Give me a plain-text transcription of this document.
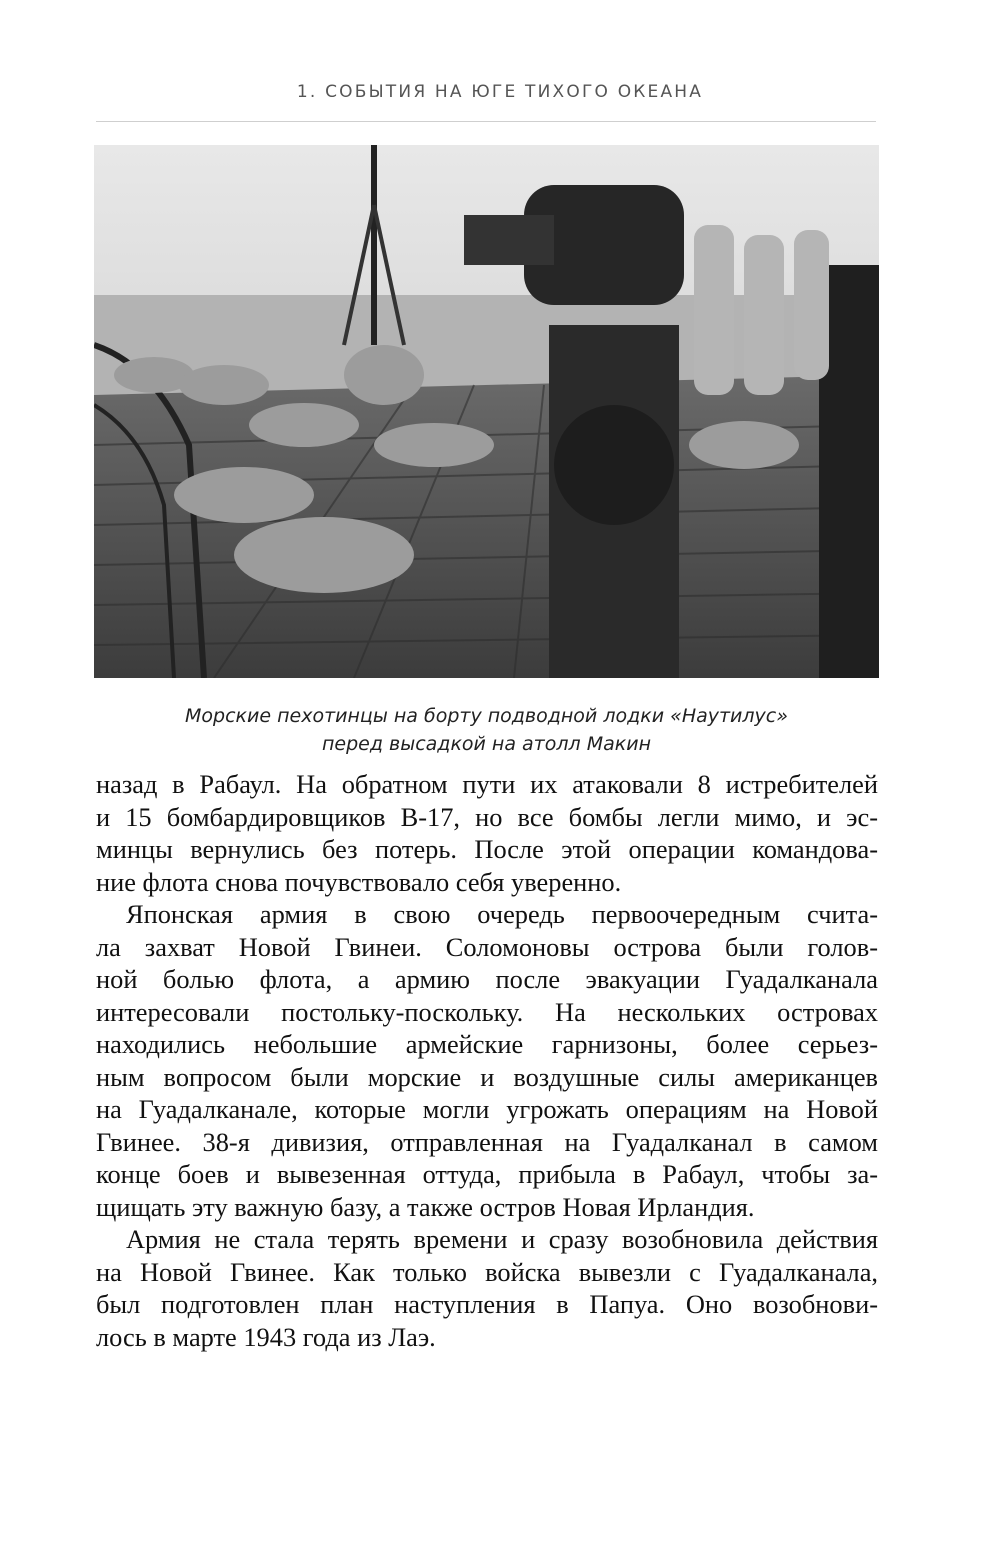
1. СОБЫТИЯ НА ЮГЕ ТИХОГО ОКЕАНА
Морские пехотинцы на борту подводной лодки «Наутилус»
перед высадкой на атолл Макин
назад в Рабаул. На обратном пути их атаковали 8 истребителей
и 15 бомбардировщиков В-17, но все бомбы легли мимо, и эс-
минцы вернулись без потерь. После этой операции командова-
ние флота снова почувствовало себя уверенно.
Японская армия в свою очередь первоочередным счита-
ла захват Новой Гвинеи. Соломоновы острова были голов-
ной болью флота, а армию после эвакуации Гуадалканала
интересовали постольку-поскольку. На нескольких островах
находились небольшие армейские гарнизоны, более серьез-
ным вопросом были морские и воздушные силы американцев
на Гуадалканале, которые могли угрожать операциям на Новой
Гвинее. 38-я дивизия, отправленная на Гуадалканал в самом
конце боев и вывезенная оттуда, прибыла в Рабаул, чтобы за-
щищать эту важную базу, а также остров Новая Ирландия.
Армия не стала терять времени и сразу возобновила действия
на Новой Гвинее. Как только войска вывезли с Гуадалканала,
был подготовлен план наступления в Папуа. Оно возобнови-
лось в марте 1943 года из Лаэ.
